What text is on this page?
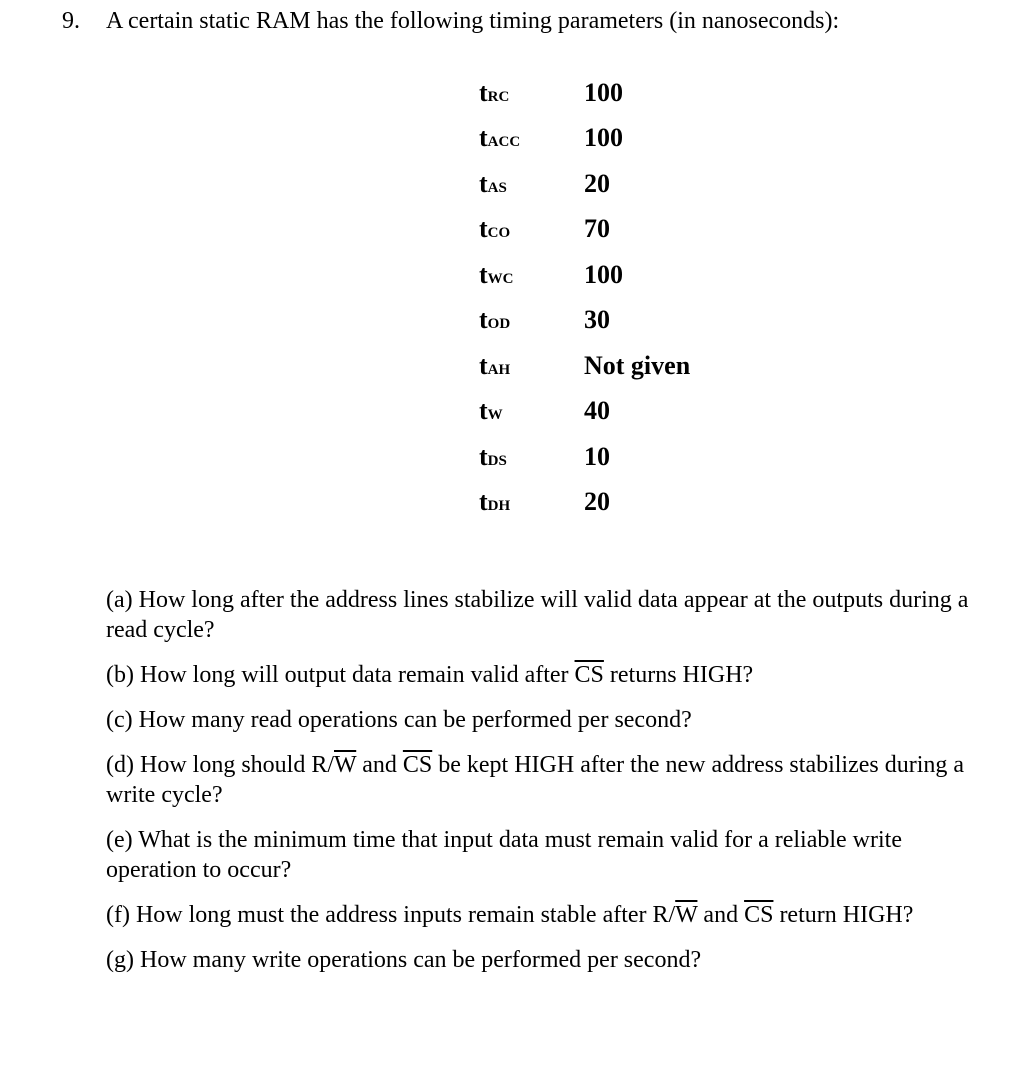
9. A certain static RAM has the following timing parameters (in nanoseconds):
tRC	100
tACC	100
tAS	20
tCO	70
tWC	100
tOD	30
tAH	Not given
tW	40
tDS	10
tDH	20
(a) How long after the address lines stabilize will valid data appear at the outputs during a
read cycle?
(b) How long will output data remain valid after $\overline{CS}$ returns HIGH?
(c) How many read operations can be performed per second?
(d) How long should $R/\overline{W}$ and $\overline{CS}$ be kept HIGH after the new address stabilizes during a
write cycle?
(e) What is the minimum time that input data must remain valid for a reliable write
operation to occur?
(f) How long must the address inputs remain stable after $R/\overline{W}$ and $\overline{CS}$ return HIGH?
(g) How many write operations can be performed per second?
